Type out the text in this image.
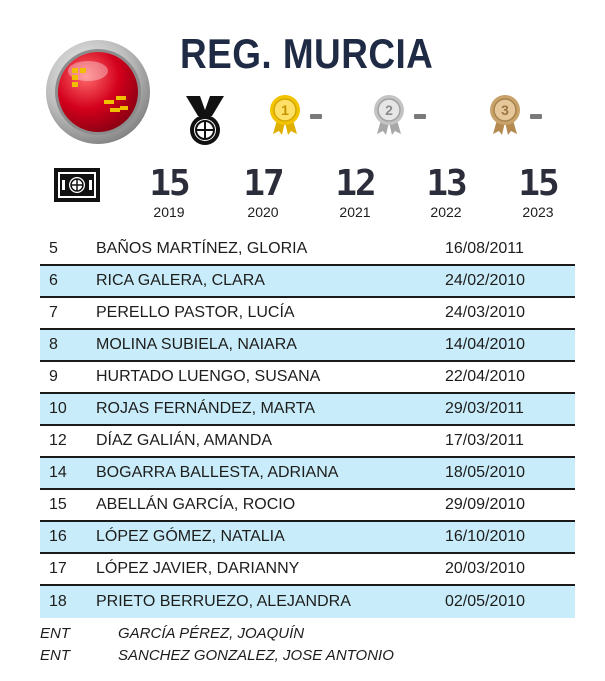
REG. MURCIA
1	2	3
15
2019
17
2020
12
2021
13
2022
15
2023
5	BAÑOS MARTÍNEZ, GLORIA	16/08/2011
6	RICA GALERA, CLARA	24/02/2010
7	PERELLO PASTOR, LUCÍA	24/03/2010
8	MOLINA SUBIELA, NAIARA	14/04/2010
9	HURTADO LUENGO, SUSANA	22/04/2010
10	ROJAS FERNÁNDEZ, MARTA	29/03/2011
12	DÍAZ GALIÁN, AMANDA	17/03/2011
14	BOGARRA BALLESTA, ADRIANA	18/05/2010
15	ABELLÁN GARCÍA, ROCIO	29/09/2010
16	LÓPEZ GÓMEZ, NATALIA	16/10/2010
17	LÓPEZ JAVIER, DARIANNY	20/03/2010
18	PRIETO BERRUEZO, ALEJANDRA	02/05/2010
ENT	GARCÍA PÉREZ, JOAQUÍN
ENT	SANCHEZ GONZALEZ, JOSE ANTONIO
